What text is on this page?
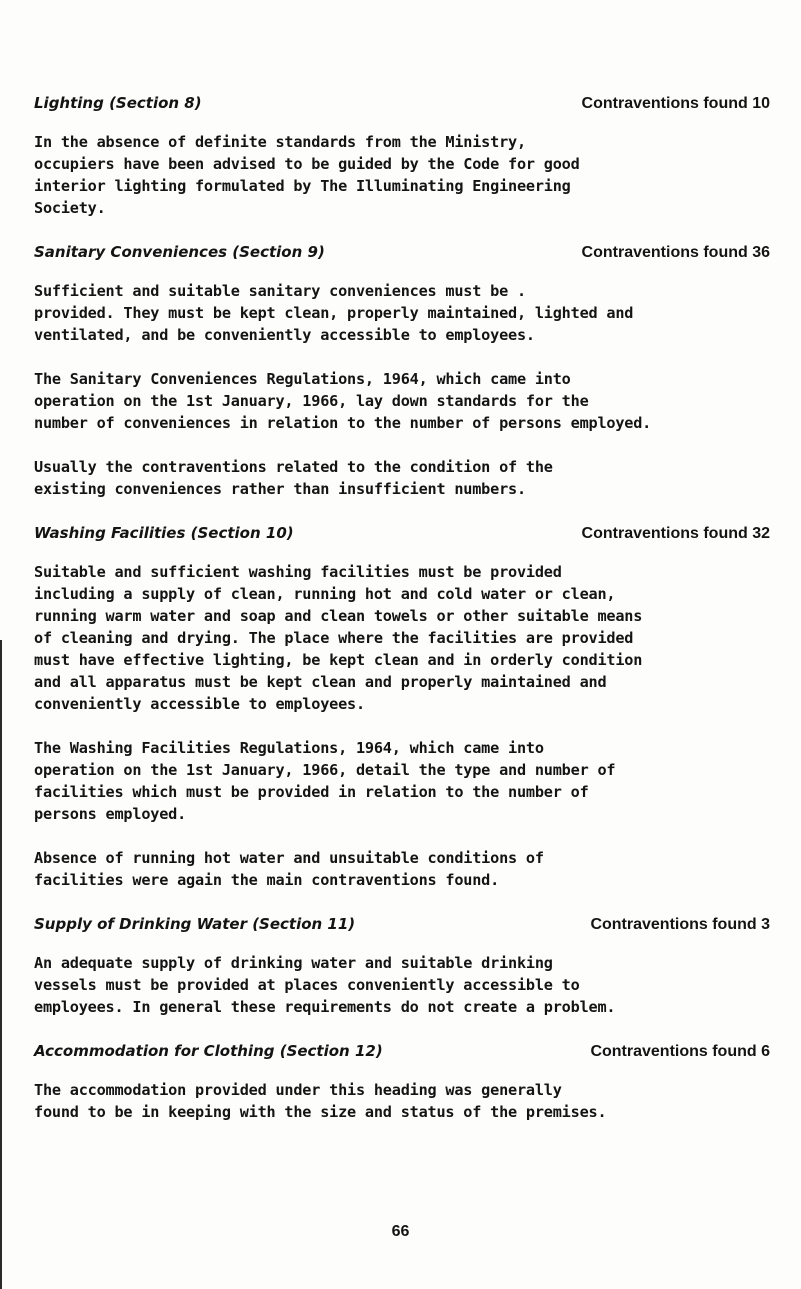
Lighting (Section 8)	Contraventions found 10

In the absence of definite standards from the Ministry,
occupiers have been advised to be guided by the Code for good
interior lighting formulated by The Illuminating Engineering
Society.

Sanitary Conveniences (Section 9)	Contraventions found 36

Sufficient and suitable sanitary conveniences must be .
provided. They must be kept clean, properly maintained, lighted and
ventilated, and be conveniently accessible to employees.

The Sanitary Conveniences Regulations, 1964, which came into
operation on the 1st January, 1966, lay down standards for the
number of conveniences in relation to the number of persons employed.

Usually the contraventions related to the condition of the
existing conveniences rather than insufficient numbers.

Washing Facilities (Section 10)	Contraventions found 32

Suitable and sufficient washing facilities must be provided
including a supply of clean, running hot and cold water or clean,
running warm water and soap and clean towels or other suitable means
of cleaning and drying. The place where the facilities are provided
must have effective lighting, be kept clean and in orderly condition
and all apparatus must be kept clean and properly maintained and
conveniently accessible to employees.

The Washing Facilities Regulations, 1964, which came into
operation on the 1st January, 1966, detail the type and number of
facilities which must be provided in relation to the number of
persons employed.

Absence of running hot water and unsuitable conditions of
facilities were again the main contraventions found.

Supply of Drinking Water (Section 11)	Contraventions found 3

An adequate supply of drinking water and suitable drinking
vessels must be provided at places conveniently accessible to
employees. In general these requirements do not create a problem.

Accommodation for Clothing (Section 12)	Contraventions found 6

The accommodation provided under this heading was generally
found to be in keeping with the size and status of the premises.

66
